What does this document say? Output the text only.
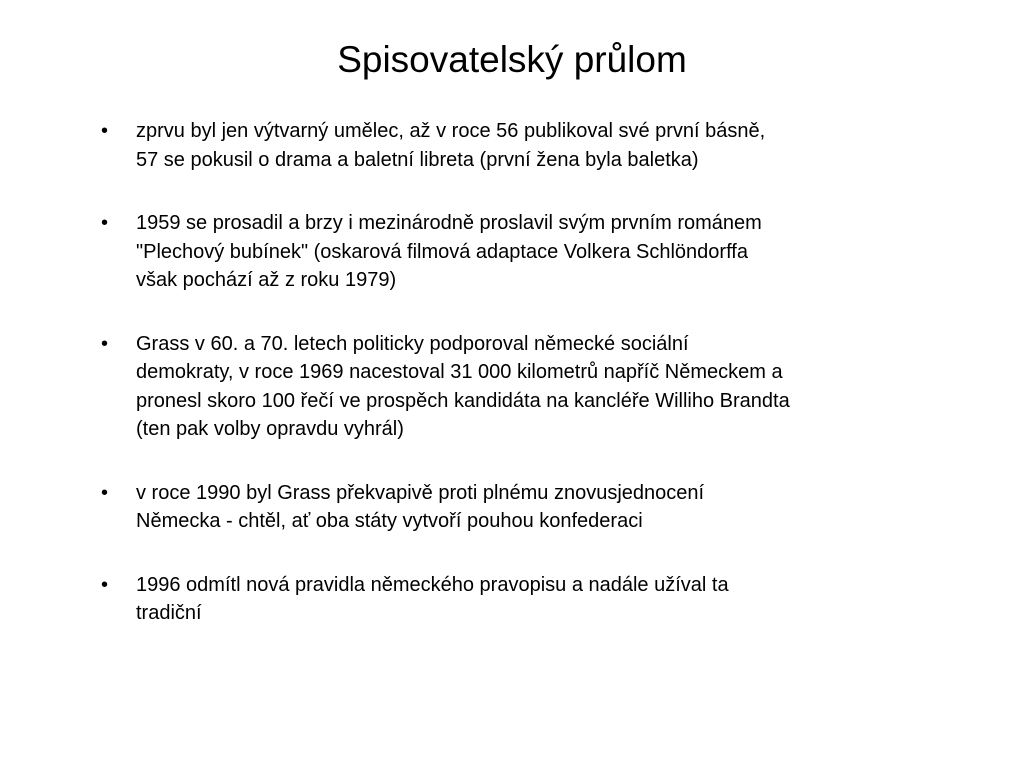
Spisovatelský průlom
•	zprvu byl jen výtvarný umělec, až v roce 56 publikoval své první básně,
57 se pokusil o drama a baletní libreta (první žena byla baletka)
•	1959 se prosadil a brzy i mezinárodně proslavil svým prvním románem
"Plechový bubínek" (oskarová filmová adaptace Volkera Schlöndorffa
však pochází až z roku 1979)
•	Grass v 60. a 70. letech politicky podporoval německé sociální
demokraty, v roce 1969 nacestoval 31 000 kilometrů napříč Německem a
pronesl skoro 100 řečí ve prospěch kandidáta na kancléře Williho Brandta
(ten pak volby opravdu vyhrál)
•	v roce 1990 byl Grass překvapivě proti plnému znovusjednocení
Německa - chtěl, ať oba státy vytvoří pouhou konfederaci
•	1996 odmítl nová pravidla německého pravopisu a nadále užíval ta
tradiční
